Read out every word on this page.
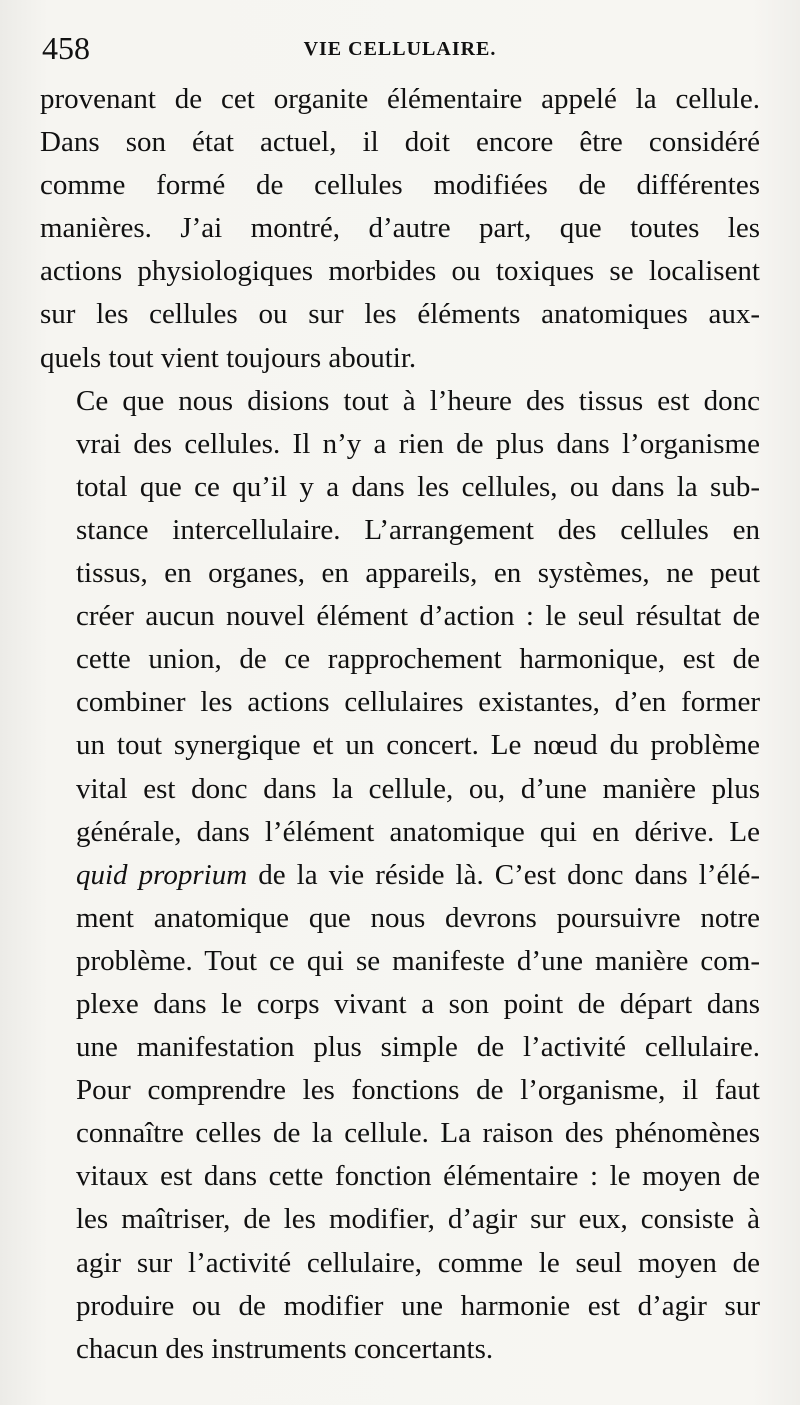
458	VIE CELLULAIRE.

provenant de cet organite élémentaire appelé la cellule.
Dans son état actuel, il doit encore être considéré
comme formé de cellules modifiées de différentes
manières. J’ai montré, d’autre part, que toutes les
actions physiologiques morbides ou toxiques se localisent
sur les cellules ou sur les éléments anatomiques aux-
quels tout vient toujours aboutir.

Ce que nous disions tout à l’heure des tissus est donc
vrai des cellules. Il n’y a rien de plus dans l’organisme
total que ce qu’il y a dans les cellules, ou dans la sub-
stance intercellulaire. L’arrangement des cellules en
tissus, en organes, en appareils, en systèmes, ne peut
créer aucun nouvel élément d’action : le seul résultat de
cette union, de ce rapprochement harmonique, est de
combiner les actions cellulaires existantes, d’en former
un tout synergique et un concert. Le nœud du problème
vital est donc dans la cellule, ou, d’une manière plus
générale, dans l’élément anatomique qui en dérive. Le
quid proprium de la vie réside là. C’est donc dans l’élé-
ment anatomique que nous devrons poursuivre notre
problème. Tout ce qui se manifeste d’une manière com-
plexe dans le corps vivant a son point de départ dans
une manifestation plus simple de l’activité cellulaire.
Pour comprendre les fonctions de l’organisme, il faut
connaître celles de la cellule. La raison des phénomènes
vitaux est dans cette fonction élémentaire : le moyen de
les maîtriser, de les modifier, d’agir sur eux, consiste à
agir sur l’activité cellulaire, comme le seul moyen de
produire ou de modifier une harmonie est d’agir sur
chacun des instruments concertants.
